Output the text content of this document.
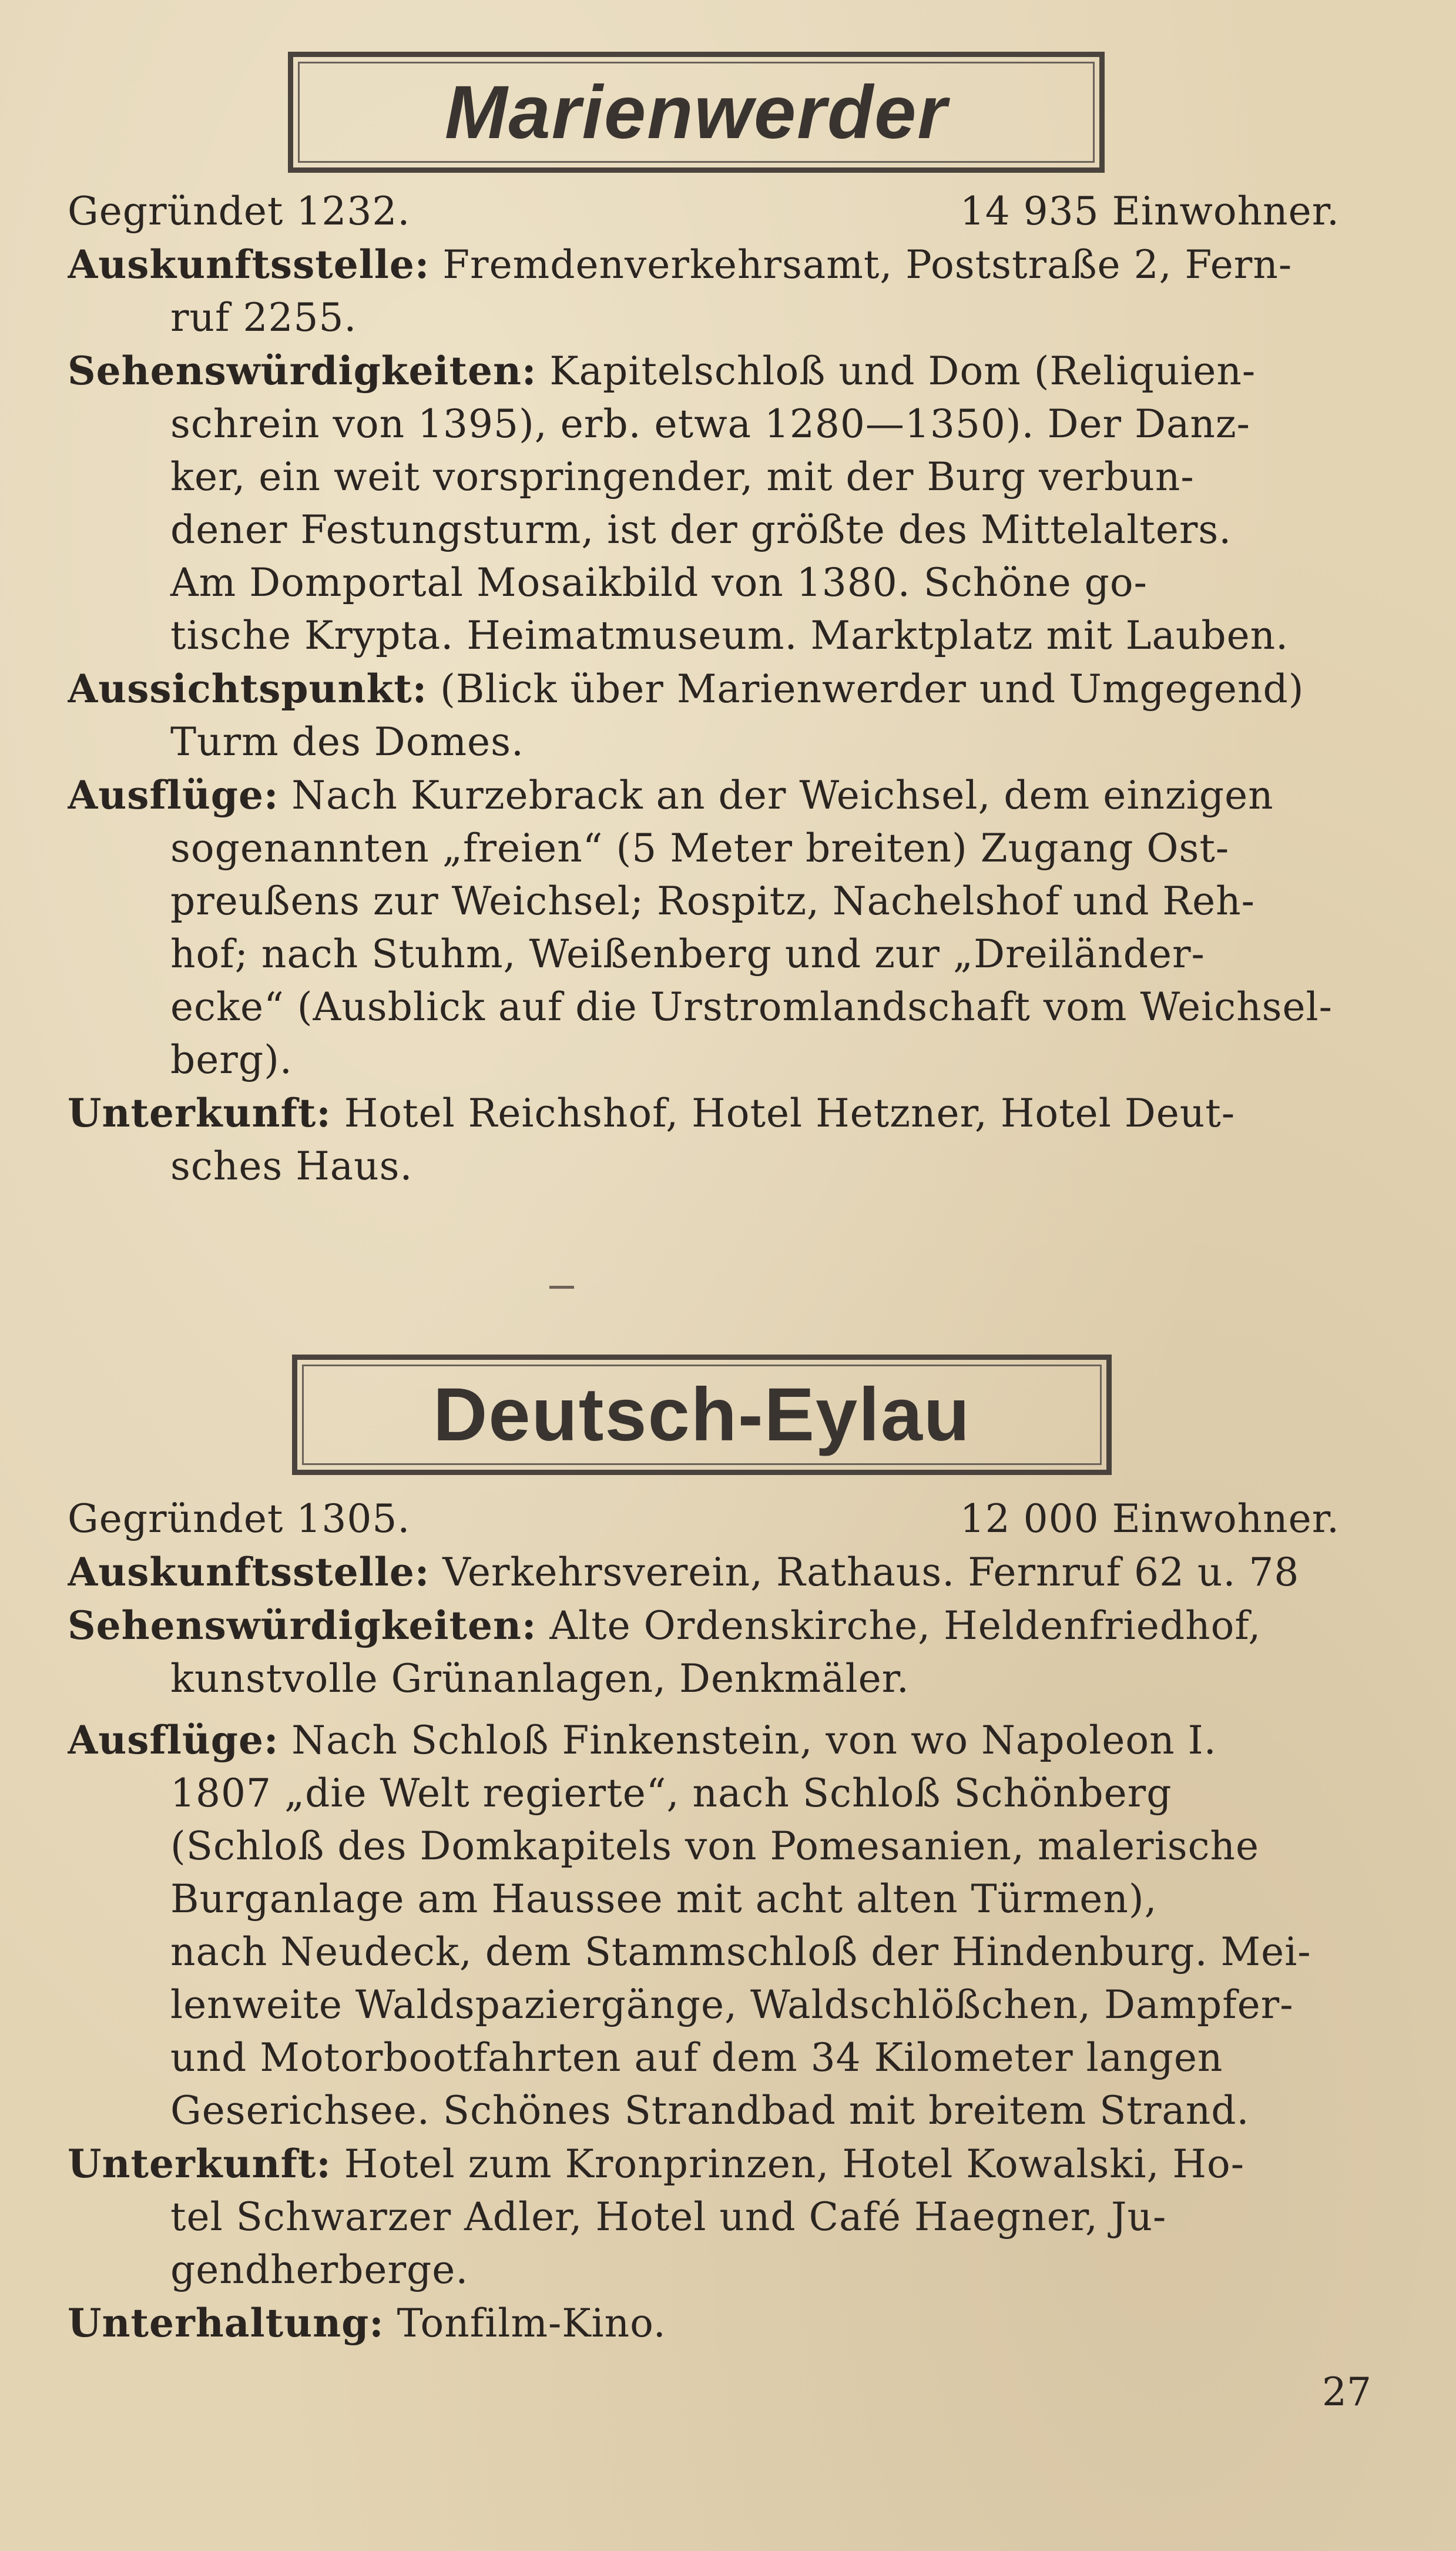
Marienwerder
Gegründet 1232.	14 935 Einwohner.
Auskunftsstelle: Fremdenverkehrsamt, Poststraße 2, Fern-
ruf 2255.
Sehenswürdigkeiten: Kapitelschloß und Dom (Reliquien-
schrein von 1395), erb. etwa 1280—1350). Der Danz-
ker, ein weit vorspringender, mit der Burg verbun-
dener Festungsturm, ist der größte des Mittelalters.
Am Domportal Mosaikbild von 1380. Schöne go-
tische Krypta. Heimatmuseum. Marktplatz mit Lauben.
Aussichtspunkt: (Blick über Marienwerder und Umgegend)
Turm des Domes.
Ausflüge: Nach Kurzebrack an der Weichsel, dem einzigen
sogenannten „freien“ (5 Meter breiten) Zugang Ost-
preußens zur Weichsel; Rospitz, Nachelshof und Reh-
hof; nach Stuhm, Weißenberg und zur „Dreiländer-
ecke“ (Ausblick auf die Urstromlandschaft vom Weichsel-
berg).
Unterkunft: Hotel Reichshof, Hotel Hetzner, Hotel Deut-
sches Haus.
Deutsch-Eylau
Gegründet 1305.	12 000 Einwohner.
Auskunftsstelle: Verkehrsverein, Rathaus. Fernruf 62 u. 78
Sehenswürdigkeiten: Alte Ordenskirche, Heldenfriedhof,
kunstvolle Grünanlagen, Denkmäler.
Ausflüge: Nach Schloß Finkenstein, von wo Napoleon I.
1807 „die Welt regierte“, nach Schloß Schönberg
(Schloß des Domkapitels von Pomesanien, malerische
Burganlage am Haussee mit acht alten Türmen),
nach Neudeck, dem Stammschloß der Hindenburg. Mei-
lenweite Waldspaziergänge, Waldschlößchen, Dampfer-
und Motorbootfahrten auf dem 34 Kilometer langen
Geserichsee. Schönes Strandbad mit breitem Strand.
Unterkunft: Hotel zum Kronprinzen, Hotel Kowalski, Ho-
tel Schwarzer Adler, Hotel und Café Haegner, Ju-
gendherberge.
Unterhaltung: Tonfilm-Kino.
27
